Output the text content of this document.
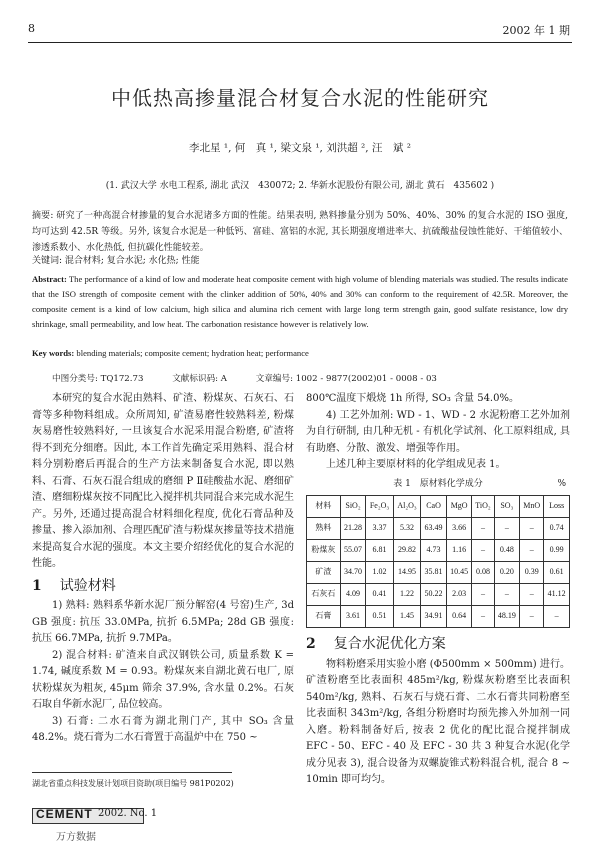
8	2002 年 1 期
中低热高掺量混合材复合水泥的性能研究
李北星 ¹, 何　真 ¹, 梁文泉 ¹, 刘洪超 ², 汪　斌 ²
(1. 武汉大学 水电工程系, 湖北 武汉　430072; 2. 华新水泥股份有限公司, 湖北 黄石　435602 )
摘要: 研究了一种高混合材掺量的复合水泥诸多方面的性能。结果表明, 熟料掺量分别为 50%、40%、30% 的复合水泥的 ISO 强度, 均可达到 42.5R 等级。另外, 该复合水泥是一种低钙、富硅、富铝的水泥, 其长期强度增进率大、抗硫酸盐侵蚀性能好、干缩值较小、渗透系数小、水化热低, 但抗碳化性能较差。
关键词: 混合材料; 复合水泥; 水化热; 性能
Abstract: The performance of a kind of low and moderate heat composite cement with high volume of blending materials was studied. The results indicate that the ISO strength of composite cement with the clinker addition of 50%, 40% and 30% can conform to the requirement of 42.5R. Moreover, the composite cement is a kind of low calcium, high silica and alumina rich cement with large long term strength gain, good sulfate resistance, low dry shrinkage, small permeability, and low heat. The carbonation resistance however is relatively low.
Key words: blending materials; composite cement; hydration heat; performance
中图分类号: TQ172.73	文献标识码: A	文章编号: 1002 - 9877(2002)01 - 0008 - 03

本研究的复合水泥由熟料、矿渣、粉煤灰、石灰石、石膏等多种物料组成。众所周知, 矿渣易磨性较熟料差, 粉煤灰易磨性较熟料好, 一旦该复合水泥采用混合粉磨, 矿渣将得不到充分细磨。因此, 本工作首先确定采用熟料、混合材料分别粉磨后再混合的生产方法来制备复合水泥, 即以熟料、石膏、石灰石混合组成的磨细 P Ⅱ硅酸盐水泥、磨细矿渣、磨细粉煤灰按不同配比入搅拌机共同混合来完成水泥生产。另外, 还通过提高混合材料细化程度, 优化石膏品种及掺量、掺入添加剂、合理匹配矿渣与粉煤灰掺量等技术措施来提高复合水泥的强度。本文主要介绍经优化的复合水泥的性能。

1 试验材料

1) 熟料: 熟料系华新水泥厂预分解窑(4 号窑)生产, 3d GB 强度: 抗压 33.0MPa, 抗折 6.5MPa; 28d GB 强度: 抗压 66.7MPa, 抗折 9.7MPa。

2) 混合材料: 矿渣来自武汉钢铁公司, 质量系数 K = 1.74, 碱度系数 M = 0.93。粉煤灰来自湖北黄石电厂, 原状粉煤灰为粗灰, 45μm 筛余 37.9%, 含水量 0.2%。石灰石取自华新水泥厂, 品位较高。

3) 石膏: 二水石膏为湖北荆门产, 其中 SO₃ 含量 48.2%。烧石膏为二水石膏置于高温炉中在 750 ~

800℃温度下煅烧 1h 所得, SO₃ 含量 54.0%。

4) 工艺外加剂: WD - 1、WD - 2 水泥粉磨工艺外加剂为自行研制, 由几种无机 - 有机化学试剂、化工原料组成, 具有助磨、分散、激发、增强等作用。

上述几种主要原材料的化学组成见表 1。

表 1　原材料化学成分	%
材料	SiO₂	Fe₂O₃	Al₂O₃	CaO	MgO	TiO₂	SO₃	MnO	Loss
熟料	21.28	3.37	5.32	63.49	3.66	–	–	–	0.74
粉煤灰	55.07	6.81	29.82	4.73	1.16	–	0.48	–	0.99
矿渣	34.70	1.02	14.95	35.81	10.45	0.08	0.20	0.39	0.61
石灰石	4.09	0.41	1.22	50.22	2.03	–	–	–	41.12
石膏	3.61	0.51	1.45	34.91	0.64	–	48.19	–	–
2 复合水泥优化方案

物料粉磨采用实验小磨 (Φ500mm × 500mm) 进行。矿渣粉磨至比表面积 485m²/kg, 粉煤灰粉磨至比表面积 540m²/kg, 熟料、石灰石与烧石膏、二水石膏共同粉磨至比表面积 343m²/kg, 各组分粉磨时均预先掺入外加剂一同入磨。粉料制备好后, 按表 2 优化的配比混合搅拌制成 EFC - 50、EFC - 40 及 EFC - 30 共 3 种复合水泥(化学成分见表 3), 混合设备为双螺旋锥式粉料混合机, 混合 8 ~ 10min 即可均匀。

湖北省重点科技发展计划项目资助(项目编号 981P0202)
CEMENT 2002. No. 1
万方数据
